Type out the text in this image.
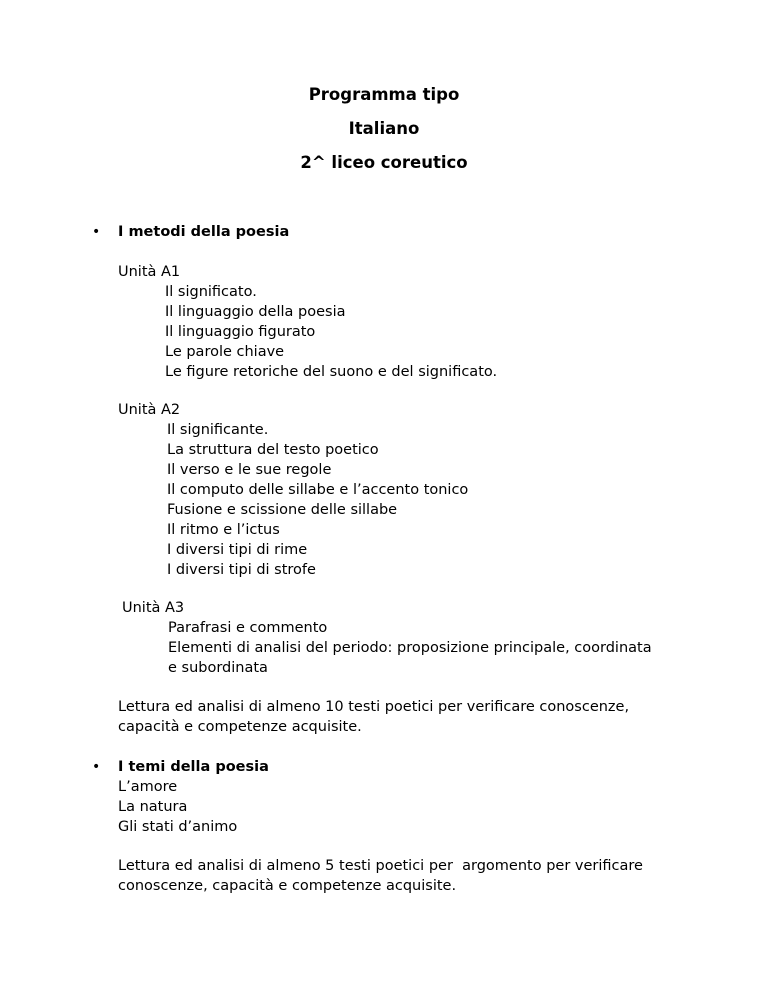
Programma tipo
Italiano
2^ liceo coreutico
• I metodi della poesia
Unità A1
Il significato.
Il linguaggio della poesia
Il linguaggio figurato
Le parole chiave
Le figure retoriche del suono e del significato.
Unità A2
Il significante.
La struttura del testo poetico
Il verso e le sue regole
Il computo delle sillabe e l’accento tonico
Fusione e scissione delle sillabe
Il ritmo e l’ictus
I diversi tipi di rime
I diversi tipi di strofe
Unità A3
Parafrasi e commento
Elementi di analisi del periodo: proposizione principale, coordinata
e subordinata
Lettura ed analisi di almeno 10 testi poetici per verificare conoscenze,
capacità e competenze acquisite.
• I temi della poesia
L’amore
La natura
Gli stati d’animo
Lettura ed analisi di almeno 5 testi poetici per  argomento per verificare
conoscenze, capacità e competenze acquisite.
